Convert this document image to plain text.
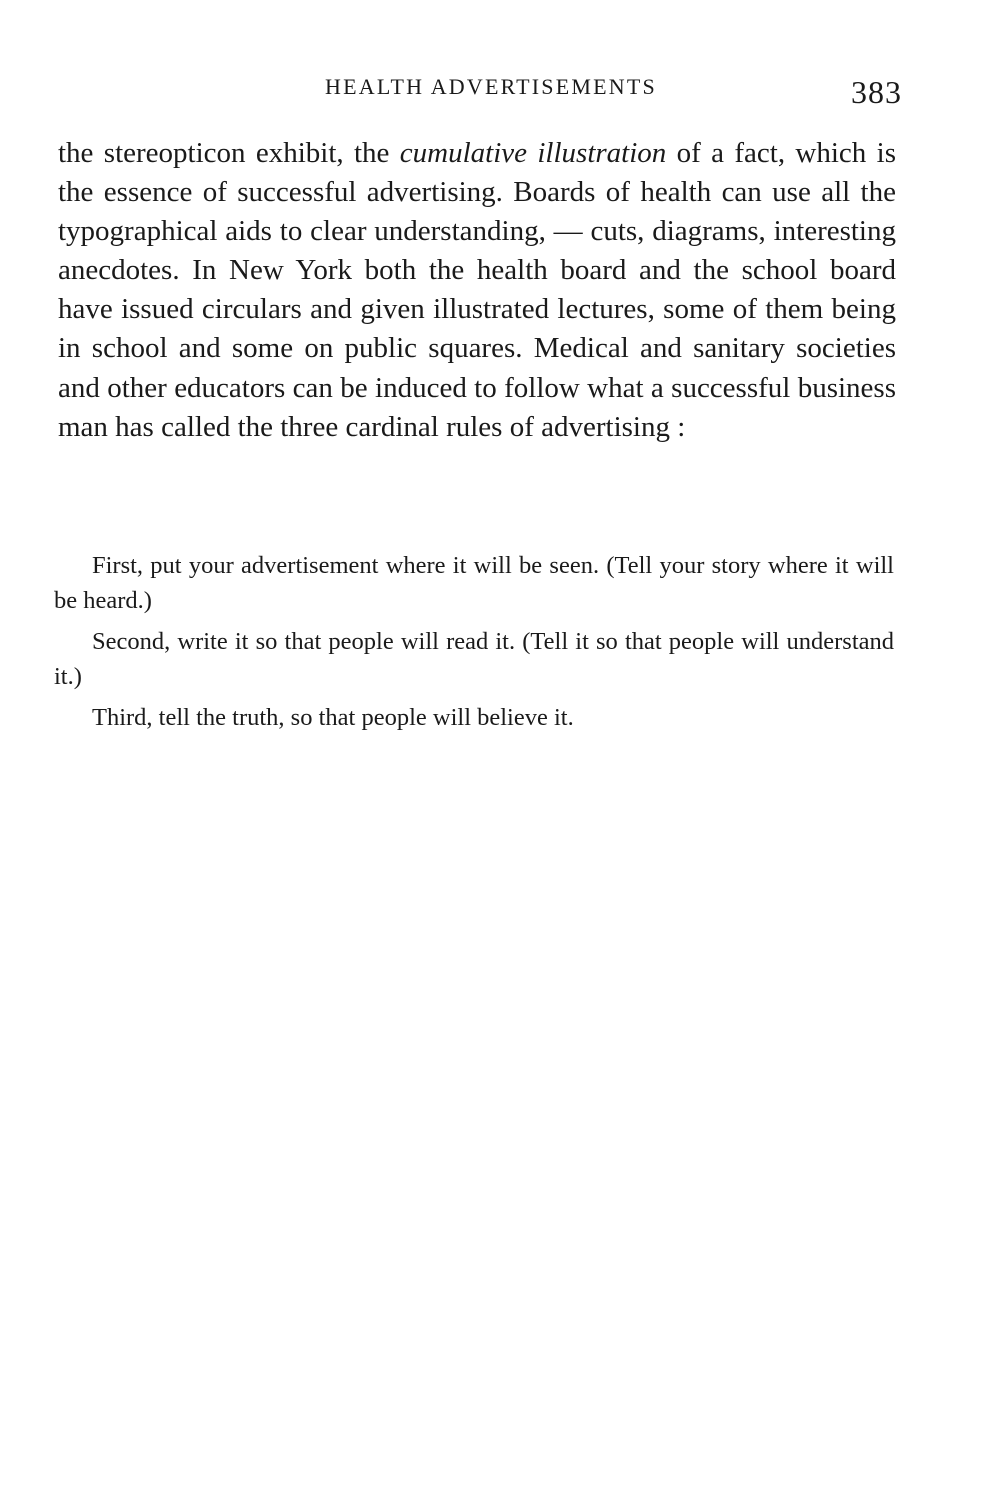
HEALTH ADVERTISEMENTS	383

the stereopticon exhibit, the cumulative illustration of a fact, which is the essence of successful advertising. Boards of health can use all the typographical aids to clear understanding, — cuts, diagrams, interesting anecdotes. In New York both the health board and the school board have issued circulars and given illustrated lectures, some of them being in school and some on public squares. Medical and sanitary societies and other educators can be induced to follow what a successful business man has called the three cardinal rules of advertising :

First, put your advertisement where it will be seen. (Tell your story where it will be heard.)

Second, write it so that people will read it. (Tell it so that people will understand it.)

Third, tell the truth, so that people will believe it.
